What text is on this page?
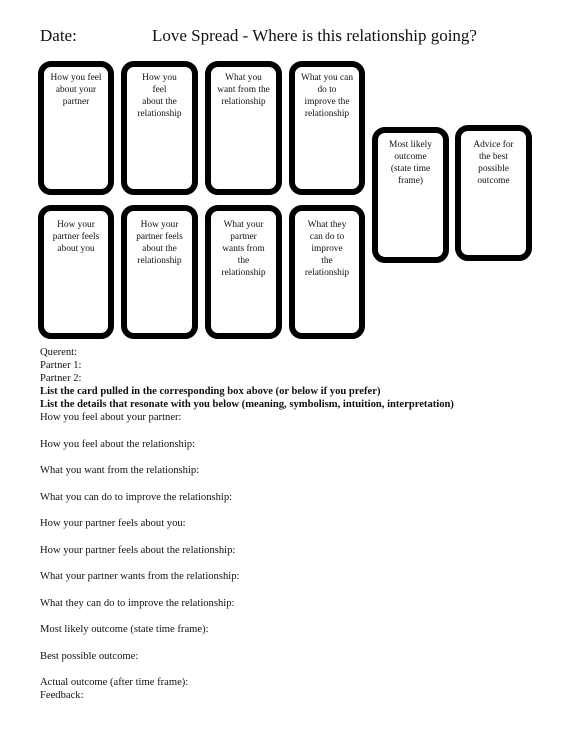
Date:	Love Spread - Where is this relationship going?
How you feel
about your
partner
How you
feel
about the
relationship
What you
want from the
relationship
What you can
do to
improve the
relationship
How your
partner feels
about you
How your
partner feels
about the
relationship
What your
partner
wants from
the
relationship
What they
can do to
improve
the
relationship
Most likely
outcome
(state time
frame)
Advice for
the best
possible
outcome
Querent:
Partner 1:
Partner 2:
List the card pulled in the corresponding box above (or below if you prefer)
List the details that resonate with you below (meaning, symbolism, intuition, interpretation)
How you feel about your partner:
How you feel about the relationship:
What you want from the relationship:
What you can do to improve the relationship:
How your partner feels about you:
How your partner feels about the relationship:
What your partner wants from the relationship:
What they can do to improve the relationship:
Most likely outcome (state time frame):
Best possible outcome:
Actual outcome (after time frame):
Feedback:
